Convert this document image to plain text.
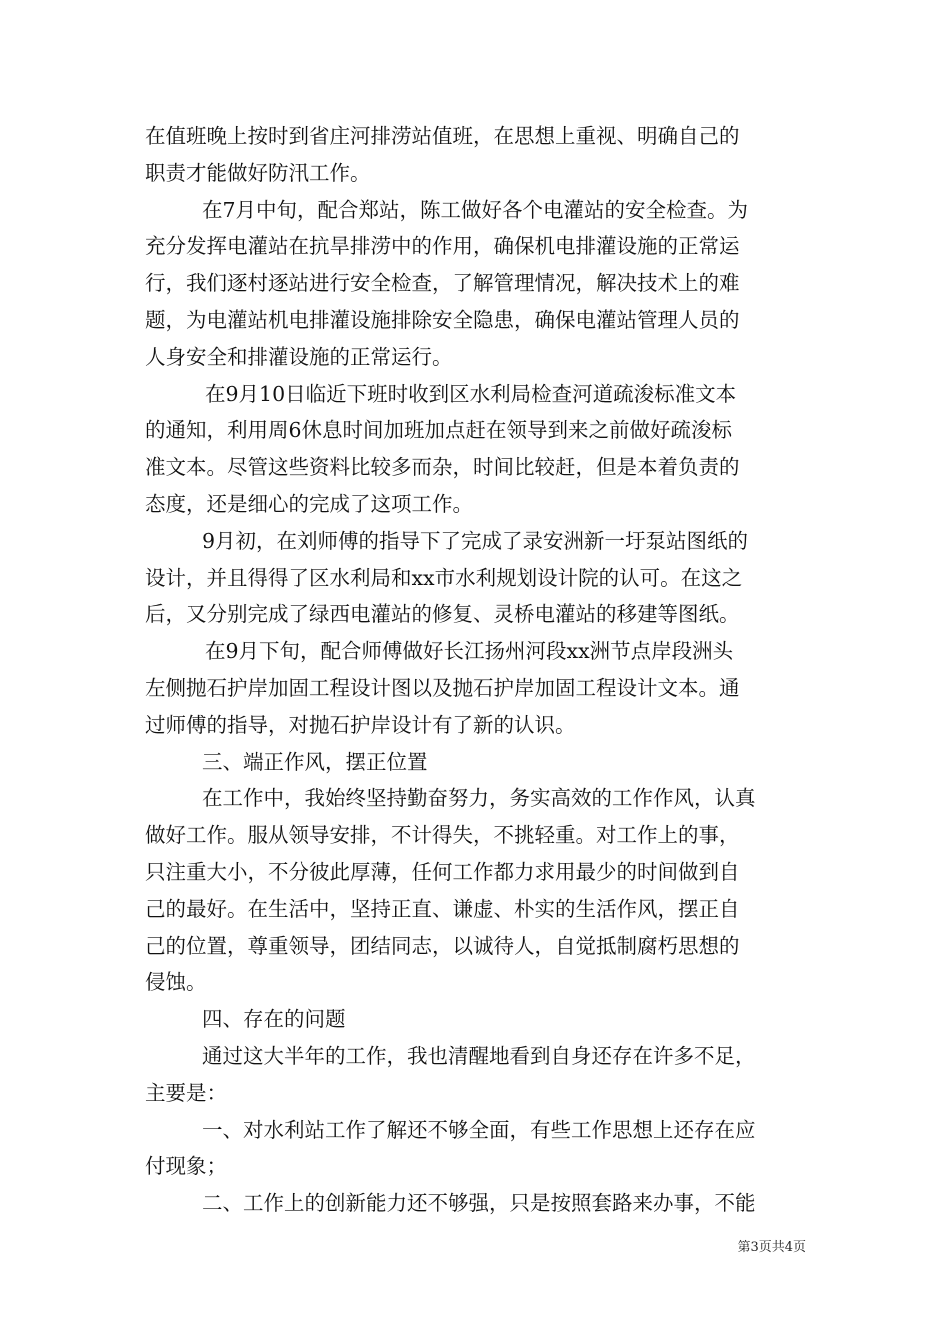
在值班晚上按时到省庄河排涝站值班，在思想上重视、明确自己的
职责才能做好防汛工作。
在7月中旬，配合郑站，陈工做好各个电灌站的安全检查。为
充分发挥电灌站在抗旱排涝中的作用，确保机电排灌设施的正常运
行，我们逐村逐站进行安全检查，了解管理情况，解决技术上的难
题，为电灌站机电排灌设施排除安全隐患，确保电灌站管理人员的
人身安全和排灌设施的正常运行。
在9月10日临近下班时收到区水利局检查河道疏浚标准文本
的通知，利用周6休息时间加班加点赶在领导到来之前做好疏浚标
准文本。尽管这些资料比较多而杂，时间比较赶，但是本着负责的
态度，还是细心的完成了这项工作。
9月初，在刘师傅的指导下了完成了录安洲新一圩泵站图纸的
设计，并且得得了区水利局和xx市水利规划设计院的认可。在这之
后，又分别完成了绿西电灌站的修复、灵桥电灌站的移建等图纸。
在9月下旬，配合师傅做好长江扬州河段xx洲节点岸段洲头
左侧抛石护岸加固工程设计图以及抛石护岸加固工程设计文本。通
过师傅的指导，对抛石护岸设计有了新的认识。
三、端正作风，摆正位置
在工作中，我始终坚持勤奋努力，务实高效的工作作风，认真
做好工作。服从领导安排，不计得失，不挑轻重。对工作上的事，
只注重大小，不分彼此厚薄，任何工作都力求用最少的时间做到自
己的最好。在生活中，坚持正直、谦虚、朴实的生活作风，摆正自
己的位置，尊重领导，团结同志，以诚待人，自觉抵制腐朽思想的
侵蚀。
四、存在的问题
通过这大半年的工作，我也清醒地看到自身还存在许多不足，
主要是：
一、对水利站工作了解还不够全面，有些工作思想上还存在应
付现象；
二、工作上的创新能力还不够强，只是按照套路来办事，不能
第3页共4页
